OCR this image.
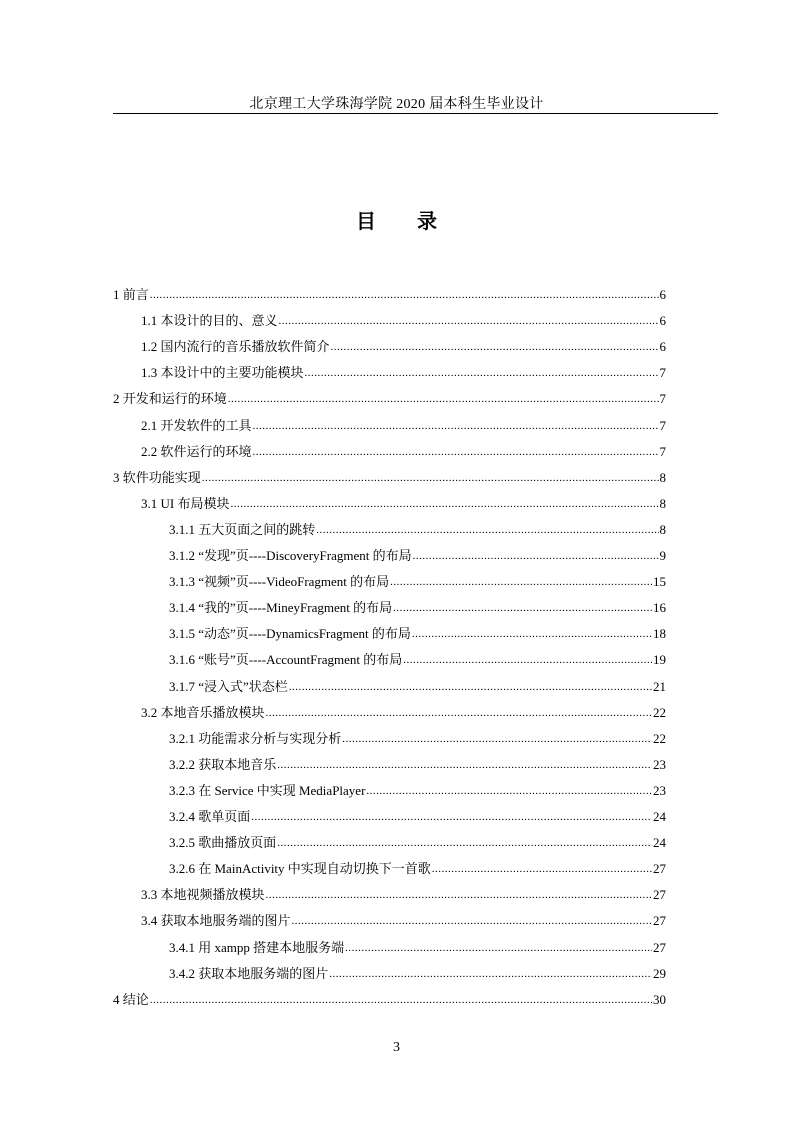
北京理工大学珠海学院 2020 届本科生毕业设计
目 录
1 前言 .....	6
1.1 本设计的目的、意义 .....	6
1.2 国内流行的音乐播放软件简介 .....	6
1.3 本设计中的主要功能模块 .....	7
2 开发和运行的环境 .....	7
2.1 开发软件的工具 .....	7
2.2 软件运行的环境 .....	7
3 软件功能实现 .....	8
3.1 UI 布局模块 .....	8
3.1.1 五大页面之间的跳转 .....	8
3.1.2 “发现”页----DiscoveryFragment 的布局 .....	9
3.1.3 “视频”页----VideoFragment 的布局 .....	15
3.1.4 “我的”页----MineyFragment 的布局 .....	16
3.1.5 “动态”页----DynamicsFragment 的布局 .....	18
3.1.6 “账号”页----AccountFragment 的布局 .....	19
3.1.7 “浸入式”状态栏 .....	21
3.2 本地音乐播放模块 .....	22
3.2.1 功能需求分析与实现分析 .....	22
3.2.2 获取本地音乐 .....	23
3.2.3 在 Service 中实现 MediaPlayer .....	23
3.2.4 歌单页面 .....	24
3.2.5 歌曲播放页面 .....	24
3.2.6 在 MainActivity 中实现自动切换下一首歌 .....	27
3.3 本地视频播放模块 .....	27
3.4 获取本地服务端的图片 .....	27
3.4.1 用 xampp 搭建本地服务端 .....	27
3.4.2 获取本地服务端的图片 .....	29
4 结论 .....	30
3
